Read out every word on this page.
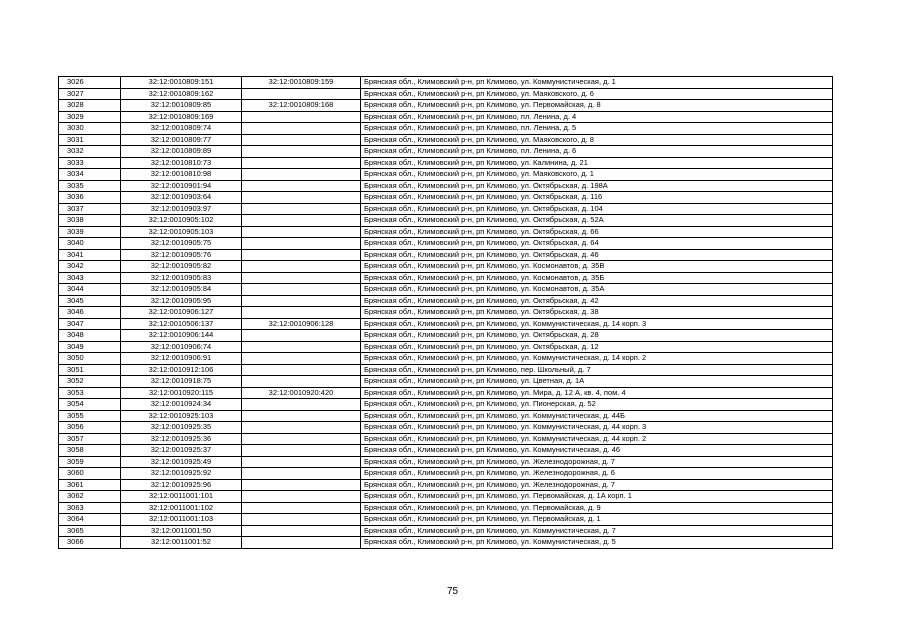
3026	32:12:0010809:151	32:12:0010809:159	Брянская обл., Климовский р-н, рп Климово, ул. Коммунистическая, д. 1
3027	32:12:0010809:162		Брянская обл., Климовский р-н, рп Климово, ул. Маяковского, д. 6
3028	32:12:0010809:85	32:12:0010809:168	Брянская обл., Климовский р-н, рп Климово, ул. Первомайская, д. 8
3029	32:12:0010809:169		Брянская обл., Климовский р-н, рп Климово, пл. Ленина, д. 4
3030	32:12:0010809:74		Брянская обл., Климовский р-н, рп Климово, пл. Ленина, д. 5
3031	32:12:0010809:77		Брянская обл., Климовский р-н, рп Климово, ул. Маяковского, д. 8
3032	32:12:0010809:89		Брянская обл., Климовский р-н, рп Климово, пл. Ленина, д. 6
3033	32:12:0010810:73		Брянская обл., Климовский р-н, рп Климово, ул. Калинина, д. 21
3034	32:12:0010810:98		Брянская обл., Климовский р-н, рп Климово, ул. Маяковского, д. 1
3035	32:12:0010901:94		Брянская обл., Климовский р-н, рп Климово, ул. Октябрьская, д. 198А
3036	32:12:0010903:64		Брянская обл., Климовский р-н, рп Климово, ул. Октябрьская, д. 116
3037	32:12:0010903:97		Брянская обл., Климовский р-н, рп Климово, ул. Октябрьская, д. 104
3038	32:12:0010905:102		Брянская обл., Климовский р-н, рп Климово, ул. Октябрьская, д. 52А
3039	32:12:0010905:103		Брянская обл., Климовский р-н, рп Климово, ул. Октябрьская, д. 66
3040	32:12:0010905:75		Брянская обл., Климовский р-н, рп Климово, ул. Октябрьская, д. 64
3041	32:12:0010905:76		Брянская обл., Климовский р-н, рп Климово, ул. Октябрьская, д. 46
3042	32:12:0010905:82		Брянская обл., Климовский р-н, рп Климово, ул. Космонавтов, д. 35В
3043	32:12:0010905:83		Брянская обл., Климовский р-н, рп Климово, ул. Космонавтов, д. 35Б
3044	32:12:0010905:84		Брянская обл., Климовский р-н, рп Климово, ул. Космонавтов, д. 35А
3045	32:12:0010905:95		Брянская обл., Климовский р-н, рп Климово, ул. Октябрьская, д. 42
3046	32:12:0010906:127		Брянская обл., Климовский р-н, рп Климово, ул. Октябрьская, д. 38
3047	32:12:0010506:137	32:12:0010906:128	Брянская обл., Климовский р-н, рп Климово, ул. Коммунистическая, д. 14 корп. 3
3048	32:12:0010906:144		Брянская обл., Климовский р-н, рп Климово, ул. Октябрьская, д. 28
3049	32:12:0010906:74		Брянская обл., Климовский р-н, рп Климово, ул. Октябрьская, д. 12
3050	32:12:0010906:91		Брянская обл., Климовский р-н, рп Климово, ул. Коммунистическая, д. 14 корп. 2
3051	32:12:0010912:106		Брянская обл., Климовский р-н, рп Климово, пер. Школьный, д. 7
3052	32:12:0010918:75		Брянская обл., Климовский р-н, рп Климово, ул. Цветная, д. 1А
3053	32:12:0010920:115	32:12:0010920:420	Брянская обл., Климовский р-н, рп Климово, ул. Мира, д. 12 А, кв. 4, пом. 4
3054	32:12:0010924:34		Брянская обл., Климовский р-н, рп Климово, ул. Пионерская, д. 52
3055	32:12:0010925:103		Брянская обл., Климовский р-н, рп Климово, ул. Коммунистическая, д. 44Б
3056	32:12:0010925:35		Брянская обл., Климовский р-н, рп Климово, ул. Коммунистическая, д. 44 корп. 3
3057	32:12:0010925:36		Брянская обл., Климовский р-н, рп Климово, ул. Коммунистическая, д. 44 корп. 2
3058	32:12:0010925:37		Брянская обл., Климовский р-н, рп Климово, ул. Коммунистическая, д. 46
3059	32:12:0010925:49		Брянская обл., Климовский р-н, рп Климово, ул. Железнодорожная, д. 7
3060	32:12:0010925:92		Брянская обл., Климовский р-н, рп Климово, ул. Железнодорожная, д. 6
3061	32:12:0010925:96		Брянская обл., Климовский р-н, рп Климово, ул. Железнодорожная, д. 7
3062	32:12:0011001:101		Брянская обл., Климовский р-н, рп Климово, ул. Первомайская, д. 1А корп. 1
3063	32:12:0011001:102		Брянская обл., Климовский р-н, рп Климово, ул. Первомайская, д. 9
3064	32:12:0011001:103		Брянская обл., Климовский р-н, рп Климово, ул. Первомайская, д. 1
3065	32:12:0011001:50		Брянская обл., Климовский р-н, рп Климово, ул. Коммунистическая, д. 7
3066	32:12:0011001:52		Брянская обл., Климовский р-н, рп Климово, ул. Коммунистическая, д. 5
75
